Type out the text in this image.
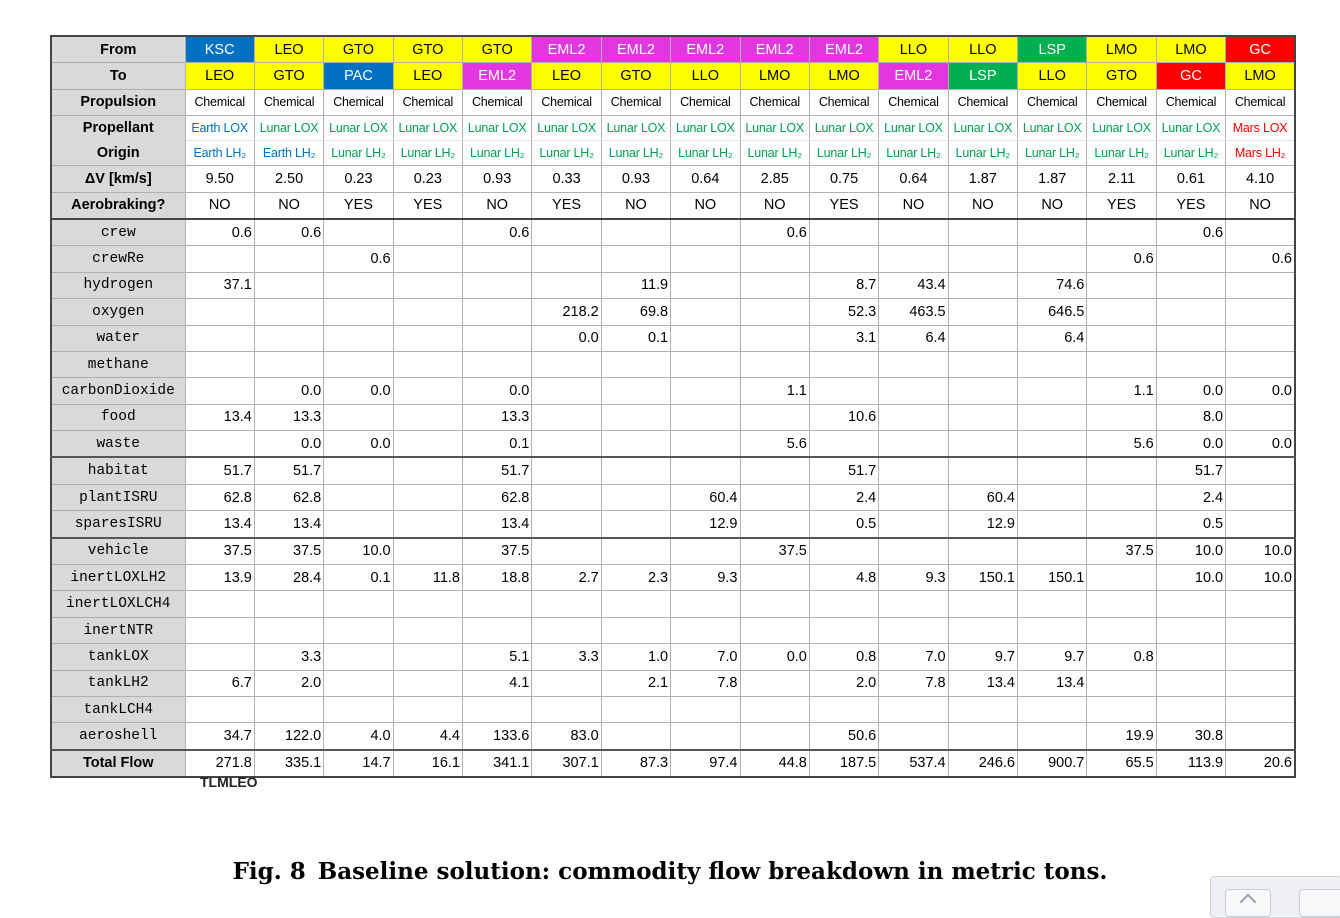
From	KSC	LEO	GTO	GTO	GTO	EML2	EML2	EML2	EML2	EML2	LLO	LLO	LSP	LMO	LMO	GC
To	LEO	GTO	PAC	LEO	EML2	LEO	GTO	LLO	LMO	LMO	EML2	LSP	LLO	GTO	GC	LMO
Propulsion	Chemical	Chemical	Chemical	Chemical	Chemical	Chemical	Chemical	Chemical	Chemical	Chemical	Chemical	Chemical	Chemical	Chemical	Chemical	Chemical
Propellant	Earth LOX	Lunar LOX	Lunar LOX	Lunar LOX	Lunar LOX	Lunar LOX	Lunar LOX	Lunar LOX	Lunar LOX	Lunar LOX	Lunar LOX	Lunar LOX	Lunar LOX	Lunar LOX	Lunar LOX	Mars LOX
Origin	Earth LH₂	Earth LH₂	Lunar LH₂	Lunar LH₂	Lunar LH₂	Lunar LH₂	Lunar LH₂	Lunar LH₂	Lunar LH₂	Lunar LH₂	Lunar LH₂	Lunar LH₂	Lunar LH₂	Lunar LH₂	Lunar LH₂	Mars LH₂
ΔV [km/s]	9.50	2.50	0.23	0.23	0.93	0.33	0.93	0.64	2.85	0.75	0.64	1.87	1.87	2.11	0.61	4.10
Aerobraking?	NO	NO	YES	YES	NO	YES	NO	NO	NO	YES	NO	NO	NO	YES	YES	NO
crew	0.6	0.6			0.6				0.6						0.6	
crewRe			0.6											0.6		0.6
hydrogen	37.1						11.9			8.7	43.4		74.6			
oxygen						218.2	69.8			52.3	463.5		646.5			
water						0.0	0.1			3.1	6.4		6.4			
methane																
carbonDioxide		0.0	0.0		0.0				1.1					1.1	0.0	0.0
food	13.4	13.3			13.3					10.6					8.0	
waste		0.0	0.0		0.1				5.6					5.6	0.0	0.0
habitat	51.7	51.7			51.7					51.7					51.7	
plantISRU	62.8	62.8			62.8			60.4		2.4		60.4			2.4	
sparesISRU	13.4	13.4			13.4			12.9		0.5		12.9			0.5	
vehicle	37.5	37.5	10.0		37.5				37.5					37.5	10.0	10.0
inertLOXLH2	13.9	28.4	0.1	11.8	18.8	2.7	2.3	9.3		4.8	9.3	150.1	150.1		10.0	10.0
inertLOXLCH4																
inertNTR																
tankLOX		3.3			5.1	3.3	1.0	7.0	0.0	0.8	7.0	9.7	9.7	0.8		
tankLH2	6.7	2.0			4.1		2.1	7.8		2.0	7.8	13.4	13.4			
tankLCH4																
aeroshell	34.7	122.0	4.0	4.4	133.6	83.0				50.6				19.9	30.8	
Total Flow	271.8	335.1	14.7	16.1	341.1	307.1	87.3	97.4	44.8	187.5	537.4	246.6	900.7	65.5	113.9	20.6
TLMLEO
Fig. 8 Baseline solution: commodity flow breakdown in metric tons.
